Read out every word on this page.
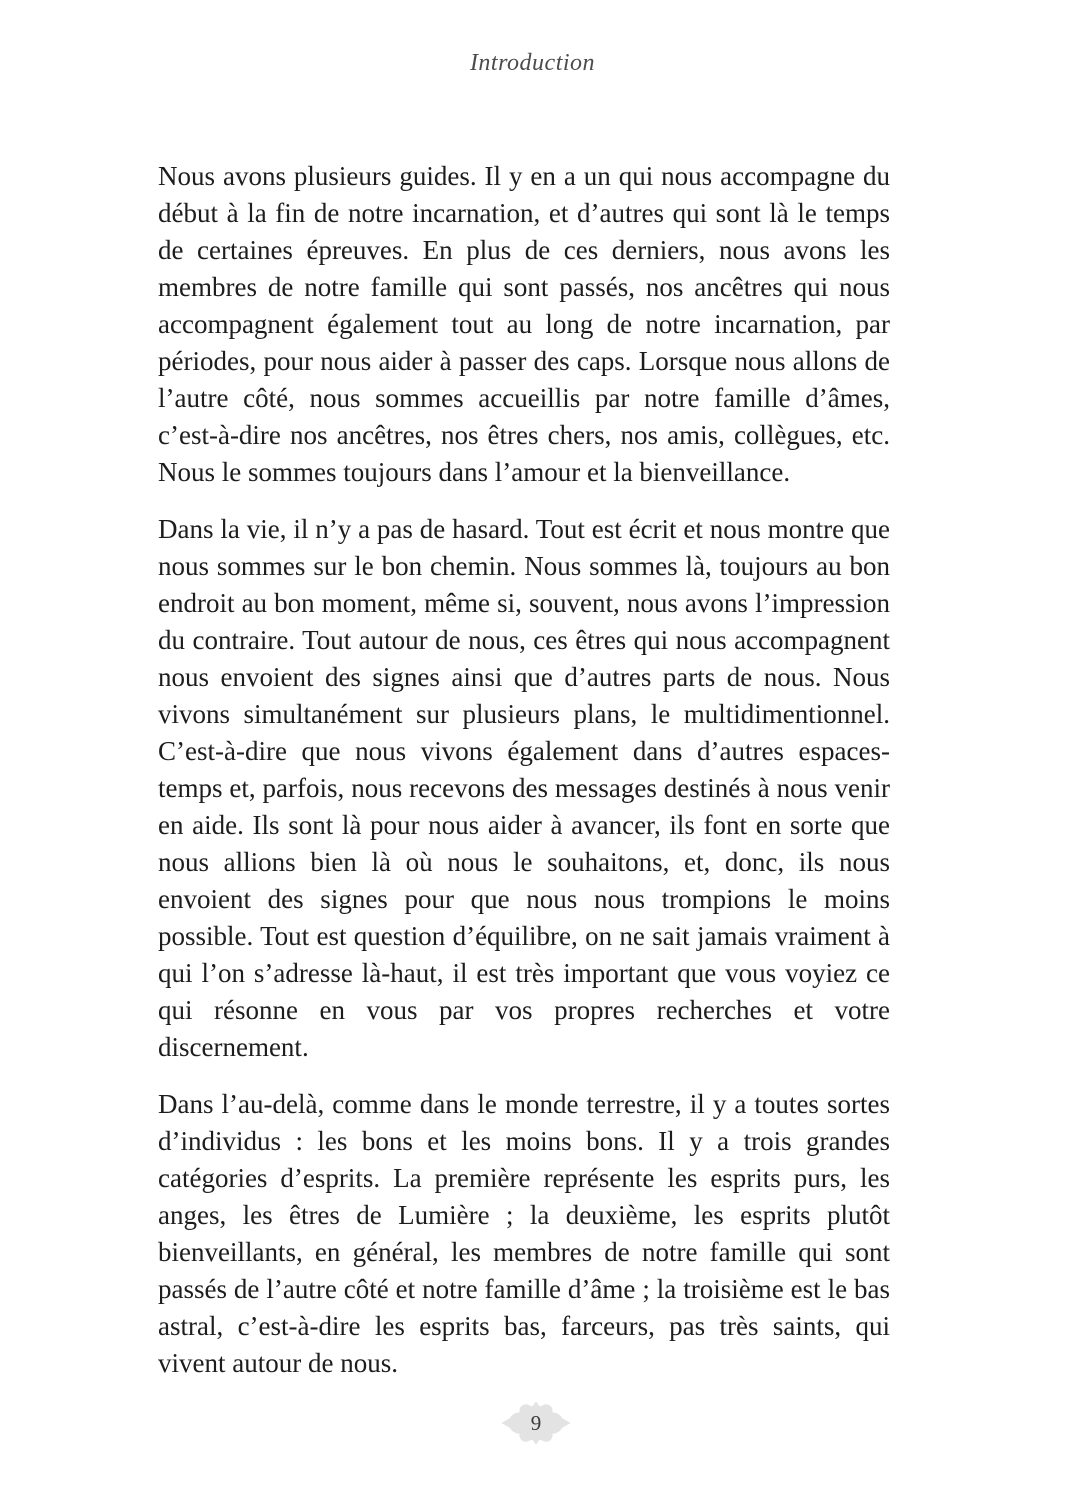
Introduction

Nous avons plusieurs guides. Il y en a un qui nous accompagne du début à la fin de notre incarnation, et d’autres qui sont là le temps de certaines épreuves. En plus de ces derniers, nous avons les membres de notre famille qui sont passés, nos ancêtres qui nous accompagnent également tout au long de notre incarnation, par périodes, pour nous aider à passer des caps. Lorsque nous allons de l’autre côté, nous sommes accueillis par notre famille d’âmes, c’est-à-dire nos ancêtres, nos êtres chers, nos amis, collègues, etc. Nous le sommes toujours dans l’amour et la bienveillance.

Dans la vie, il n’y a pas de hasard. Tout est écrit et nous montre que nous sommes sur le bon chemin. Nous sommes là, toujours au bon endroit au bon moment, même si, souvent, nous avons l’impression du contraire. Tout autour de nous, ces êtres qui nous accompagnent nous envoient des signes ainsi que d’autres parts de nous. Nous vivons simultanément sur plusieurs plans, le multidimentionnel. C’est-à-dire que nous vivons également dans d’autres espaces-temps et, parfois, nous recevons des messages destinés à nous venir en aide. Ils sont là pour nous aider à avancer, ils font en sorte que nous allions bien là où nous le souhaitons, et, donc, ils nous envoient des signes pour que nous nous trompions le moins possible. Tout est question d’équilibre, on ne sait jamais vraiment à qui l’on s’adresse là-haut, il est très important que vous voyiez ce qui résonne en vous par vos propres recherches et votre discernement.

Dans l’au-delà, comme dans le monde terrestre, il y a toutes sortes d’individus : les bons et les moins bons. Il y a trois grandes catégories d’esprits. La première représente les esprits purs, les anges, les êtres de Lumière ; la deuxième, les esprits plutôt bienveillants, en général, les membres de notre famille qui sont passés de l’autre côté et notre famille d’âme ; la troisième est le bas astral, c’est-à-dire les esprits bas, farceurs, pas très saints, qui vivent autour de nous.

9
